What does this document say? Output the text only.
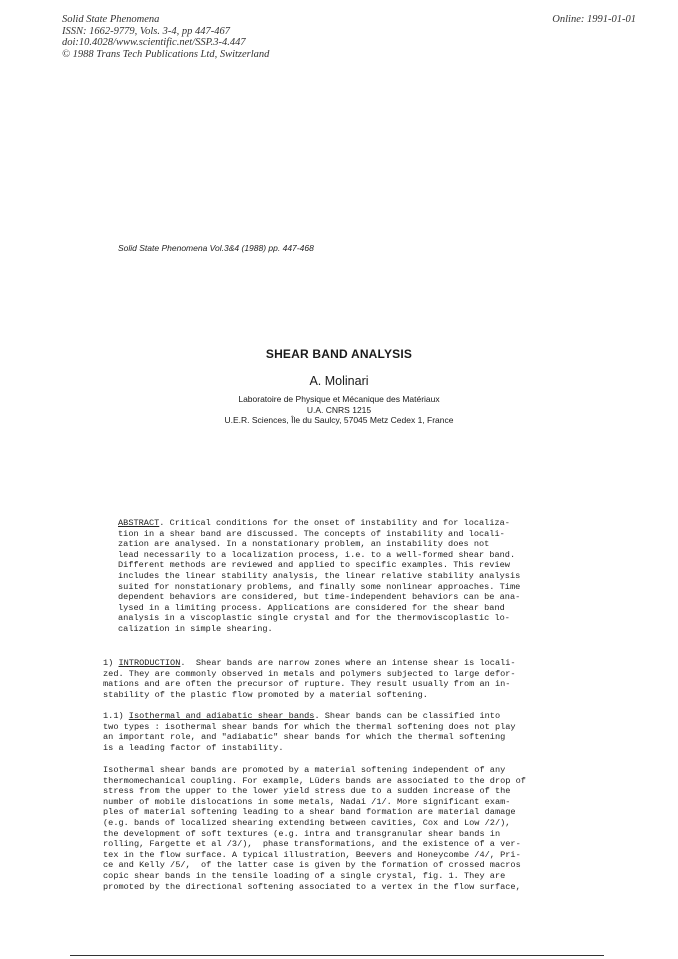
Solid State Phenomena
ISSN: 1662-9779, Vols. 3-4, pp 447-467
doi:10.4028/www.scientific.net/SSP.3-4.447
© 1988 Trans Tech Publications Ltd, Switzerland
Online: 1991-01-01
Solid State Phenomena Vol.3&4 (1988) pp. 447-468
SHEAR BAND ANALYSIS
A. Molinari
Laboratoire de Physique et Mécanique des Matériaux
U.A. CNRS 1215
U.E.R. Sciences, Île du Saulcy, 57045 Metz Cedex 1, France
ABSTRACT. Critical conditions for the onset of instability and for localiza-
tion in a shear band are discussed. The concepts of instability and locali-
zation are analysed. In a nonstationary problem, an instability does not
lead necessarily to a localization process, i.e. to a well-formed shear band.
Different methods are reviewed and applied to specific examples. This review
includes the linear stability analysis, the linear relative stability analysis
suited for nonstationary problems, and finally some nonlinear approaches. Time
dependent behaviors are considered, but time-independent behaviors can be ana-
lysed in a limiting process. Applications are considered for the shear band
analysis in a viscoplastic single crystal and for the thermoviscoplastic lo-
calization in simple shearing.
1) INTRODUCTION.  Shear bands are narrow zones where an intense shear is locali-
zed. They are commonly observed in metals and polymers subjected to large defor-
mations and are often the precursor of rupture. They result usually from an in-
stability of the plastic flow promoted by a material softening.
1.1) Isothermal and adiabatic shear bands. Shear bands can be classified into
two types : isothermal shear bands for which the thermal softening does not play
an important role, and "adiabatic" shear bands for which the thermal softening
is a leading factor of instability.
Isothermal shear bands are promoted by a material softening independent of any
thermomechanical coupling. For example, Lüders bands are associated to the drop of
stress from the upper to the lower yield stress due to a sudden increase of the
number of mobile dislocations in some metals, Nadai /1/. More significant exam-
ples of material softening leading to a shear band formation are material damage
(e.g. bands of localized shearing extending between cavities, Cox and Low /2/),
the development of soft textures (e.g. intra and transgranular shear bands in
rolling, Fargette et al /3/),  phase transformations, and the existence of a ver-
tex in the flow surface. A typical illustration, Beevers and Honeycombe /4/, Pri-
ce and Kelly /5/,  of the latter case is given by the formation of crossed macros
copic shear bands in the tensile loading of a single crystal, fig. 1. They are
promoted by the directional softening associated to a vertex in the flow surface,
